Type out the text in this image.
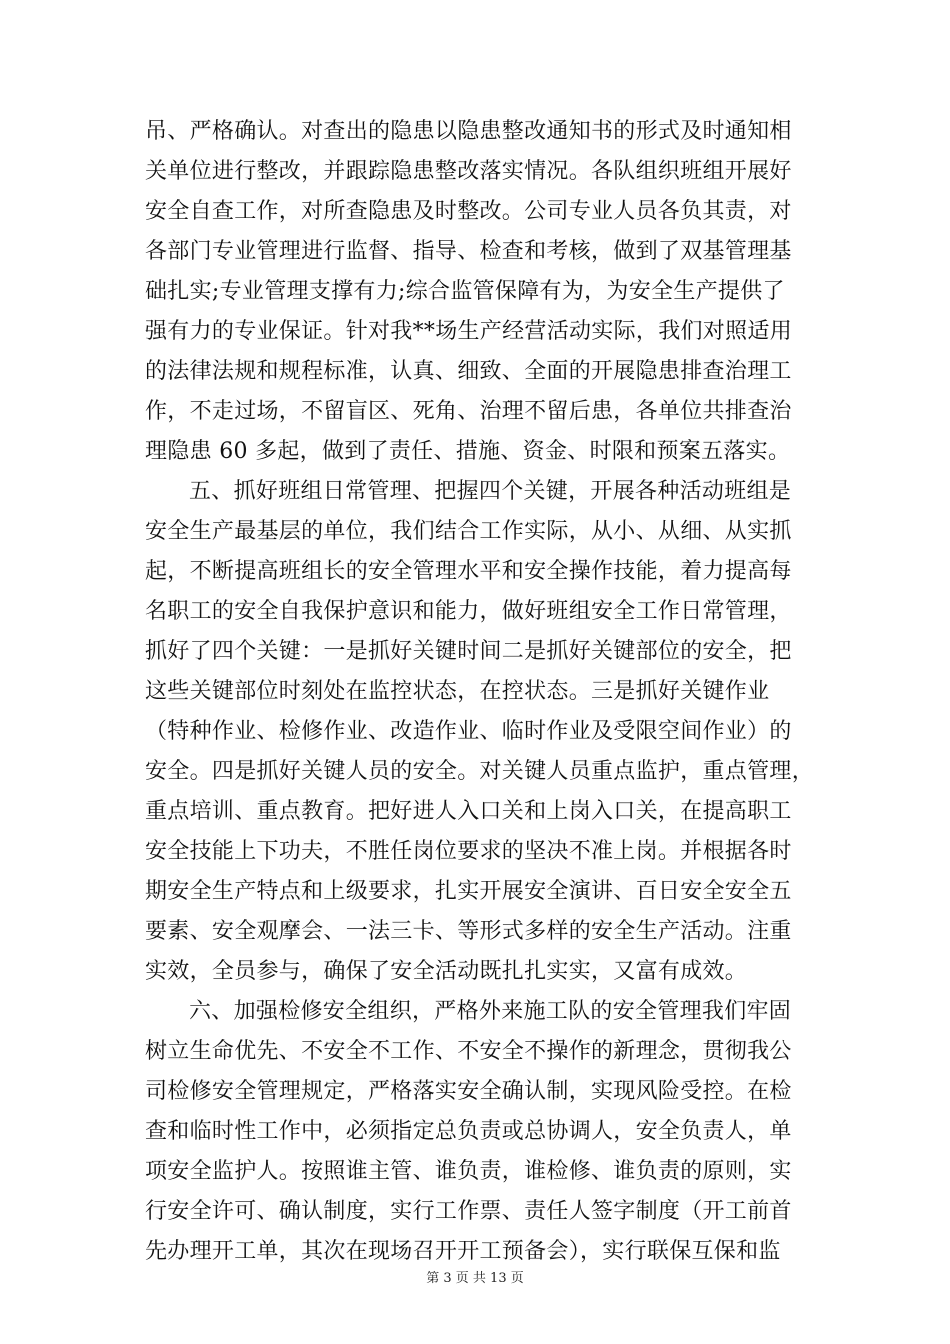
吊、严格确认。对查出的隐患以隐患整改通知书的形式及时通知相
关单位进行整改，并跟踪隐患整改落实情况。各队组织班组开展好
安全自查工作，对所查隐患及时整改。公司专业人员各负其责，对
各部门专业管理进行监督、指导、检查和考核，做到了双基管理基
础扎实;专业管理支撑有力;综合监管保障有为，为安全生产提供了
强有力的专业保证。针对我**场生产经营活动实际，我们对照适用
的法律法规和规程标准，认真、细致、全面的开展隐患排查治理工
作，不走过场，不留盲区、死角、治理不留后患，各单位共排查治
理隐患 60 多起，做到了责任、措施、资金、时限和预案五落实。
五、抓好班组日常管理、把握四个关键，开展各种活动班组是
安全生产最基层的单位，我们结合工作实际，从小、从细、从实抓
起，不断提高班组长的安全管理水平和安全操作技能，着力提高每
名职工的安全自我保护意识和能力，做好班组安全工作日常管理，
抓好了四个关键：一是抓好关键时间二是抓好关键部位的安全，把
这些关键部位时刻处在监控状态，在控状态。三是抓好关键作业
（特种作业、检修作业、改造作业、临时作业及受限空间作业）的
安全。四是抓好关键人员的安全。对关键人员重点监护，重点管理，
重点培训、重点教育。把好进人入口关和上岗入口关，在提高职工
安全技能上下功夫，不胜任岗位要求的坚决不准上岗。并根据各时
期安全生产特点和上级要求，扎实开展安全演讲、百日安全安全五
要素、安全观摩会、一法三卡、等形式多样的安全生产活动。注重
实效，全员参与，确保了安全活动既扎扎实实，又富有成效。
六、加强检修安全组织，严格外来施工队的安全管理我们牢固
树立生命优先、不安全不工作、不安全不操作的新理念，贯彻我公
司检修安全管理规定，严格落实安全确认制，实现风险受控。在检
查和临时性工作中，必须指定总负责或总协调人，安全负责人，单
项安全监护人。按照谁主管、谁负责，谁检修、谁负责的原则，实
行安全许可、确认制度，实行工作票、责任人签字制度（开工前首
先办理开工单，其次在现场召开开工预备会），实行联保互保和监
第 3 页 共 13 页
